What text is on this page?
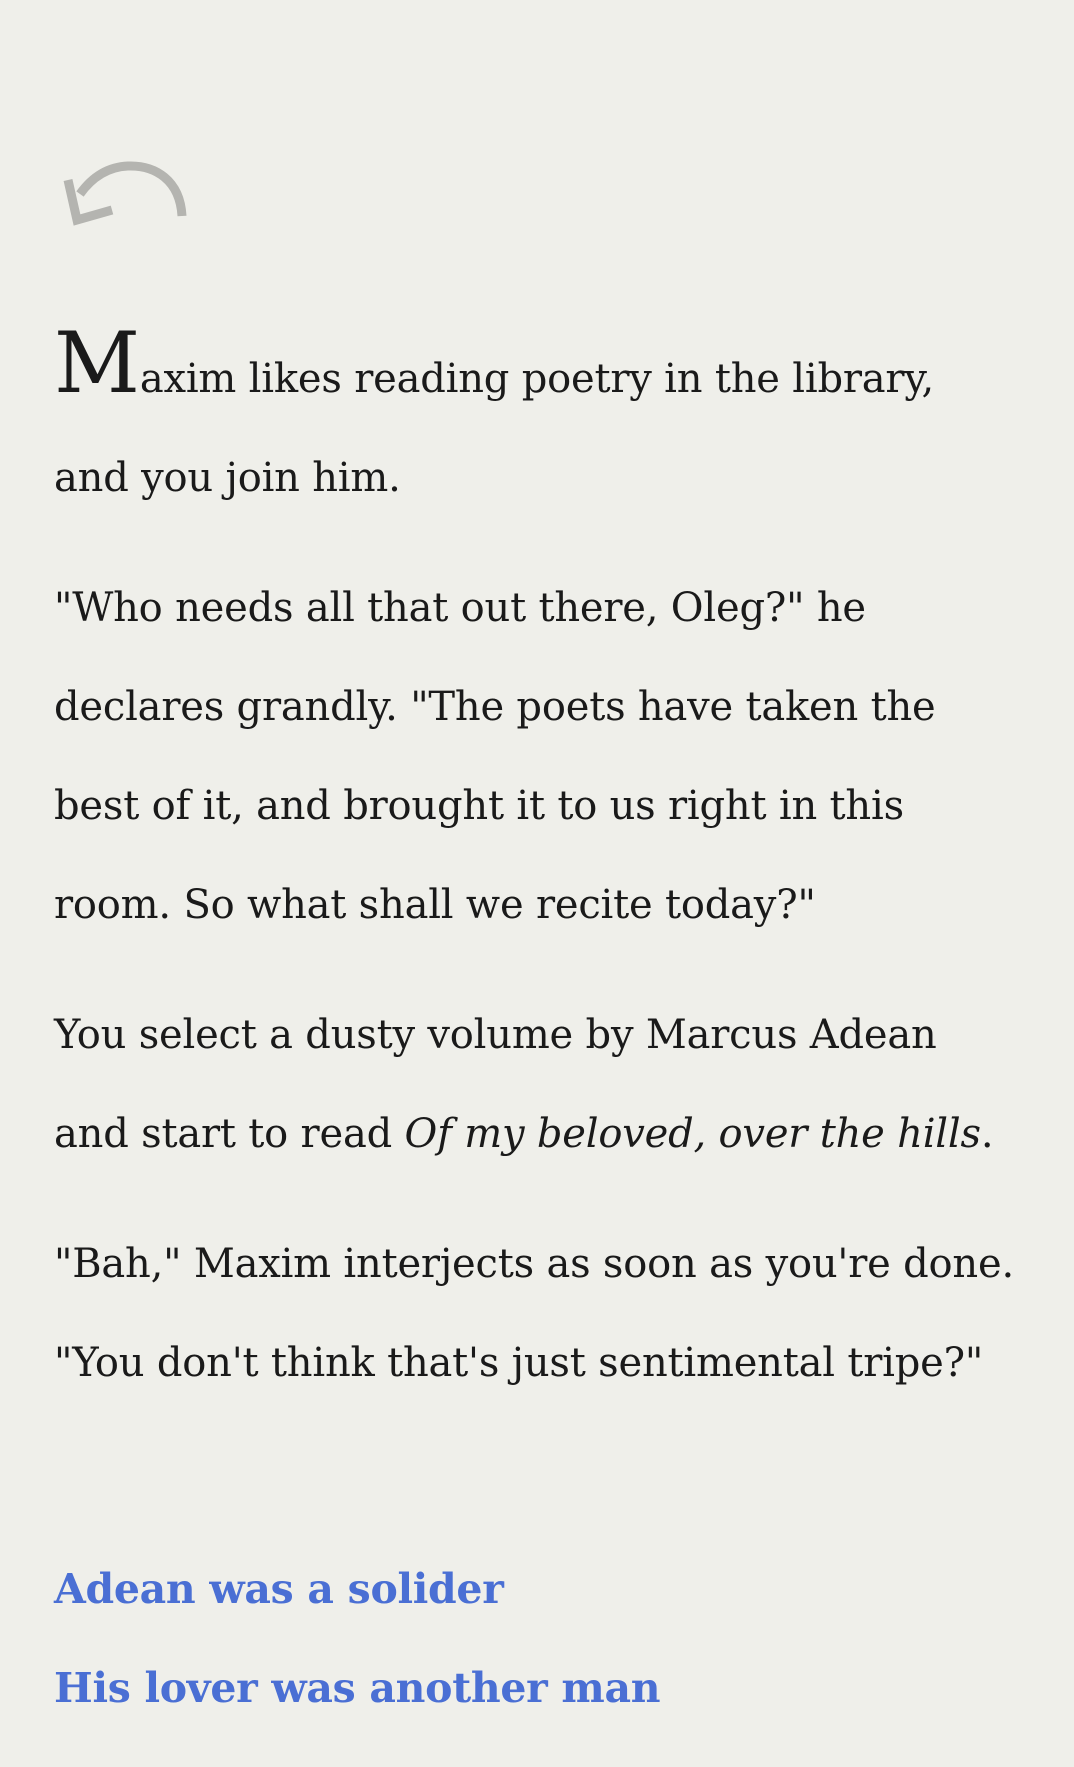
Maxim likes reading poetry in the library, and you join him.

"Who needs all that out there, Oleg?" he declares grandly. "The poets have taken the best of it, and brought it to us right in this room. So what shall we recite today?"

You select a dusty volume by Marcus Adean and start to read Of my beloved, over the hills.

"Bah," Maxim interjects as soon as you're done. "You don't think that's just sentimental tripe?"

Adean was a solider
His lover was another man
